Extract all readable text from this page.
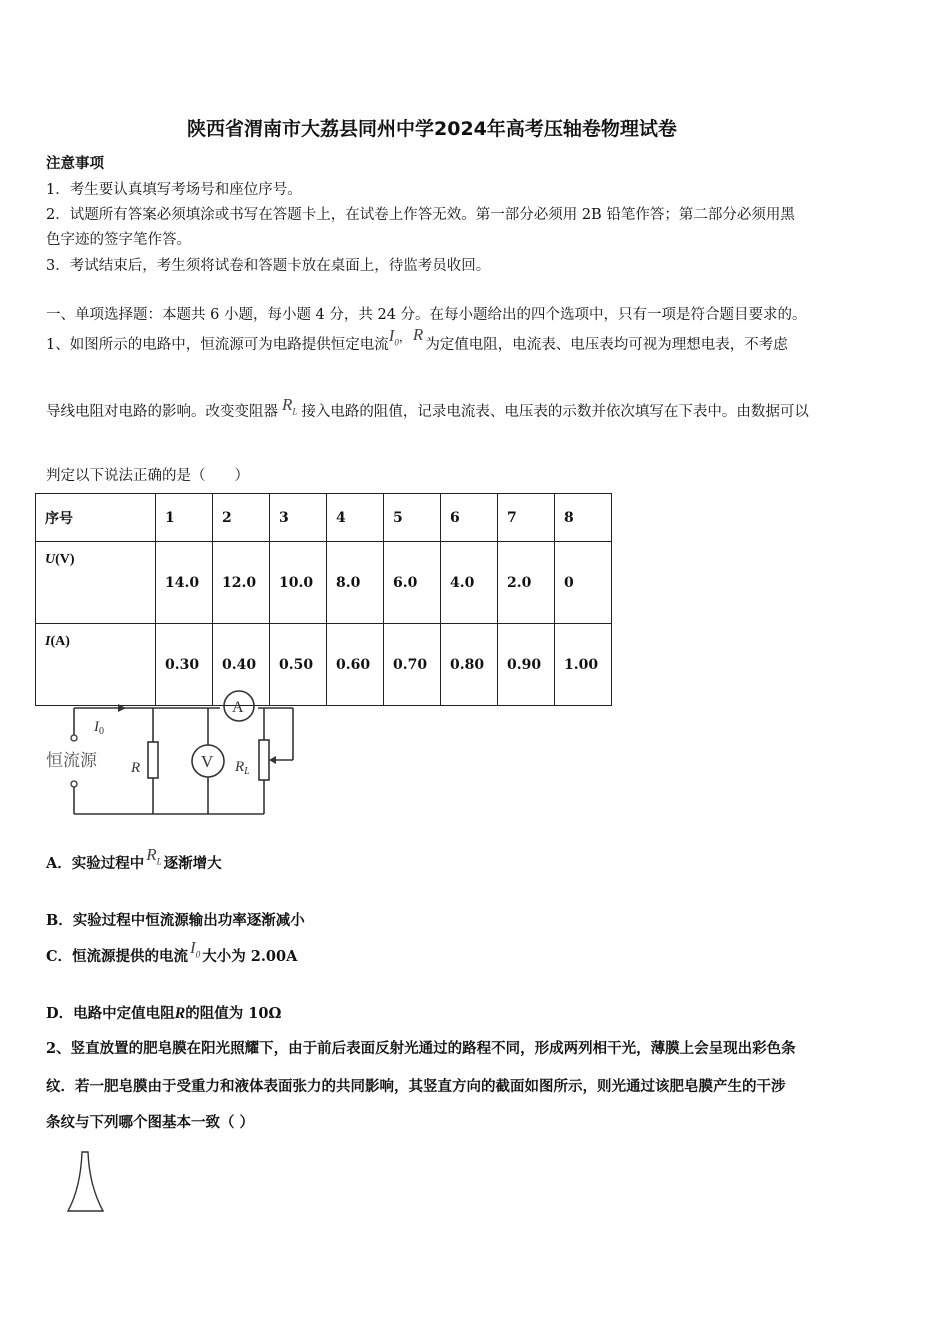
陕西省渭南市大荔县同州中学2024年高考压轴卷物理试卷
注意事项
1．考生要认真填写考场号和座位序号。
2．试题所有答案必须填涂或书写在答题卡上，在试卷上作答无效。第一部分必须用 2B 铅笔作答；第二部分必须用黑
色字迹的签字笔作答。
3．考试结束后，考生须将试卷和答题卡放在桌面上，待监考员收回。
一、单项选择题：本题共 6 小题，每小题 4 分，共 24 分。在每小题给出的四个选项中，只有一项是符合题目要求的。
1、如图所示的电路中，恒流源可为电路提供恒定电流
$I_0$ ， R
为定值电阻，电流表、电压表均可视为理想电表，不考虑
导线电阻对电路的影响。改变变阻器 $R_L$ 接入电路的阻值，记录电流表、电压表的示数并依次填写在下表中。由数据可以
判定以下说法正确的是（　　）
序号	1	2	3	4	5	6	7	8
U(V)	14.0	12.0	10.0	8.0	6.0	4.0	2.0	0
I(A)	0.30	0.40	0.50	0.60	0.70	0.80	0.90	1.00
恒流源
$I_0$
R	$R_L$
A
V
A．实验过程中 $R_L$ 逐渐增大
B．实验过程中恒流源输出功率逐渐减小
C．恒流源提供的电流 $I_0$ 大小为 2.00A
D．电路中定值电阻R的阻值为 10Ω
2、竖直放置的肥皂膜在阳光照耀下，由于前后表面反射光通过的路程不同，形成两列相干光，薄膜上会呈现出彩色条
纹．若一肥皂膜由于受重力和液体表面张力的共同影响，其竖直方向的截面如图所示，则光通过该肥皂膜产生的干涉
条纹与下列哪个图基本一致（ ）
